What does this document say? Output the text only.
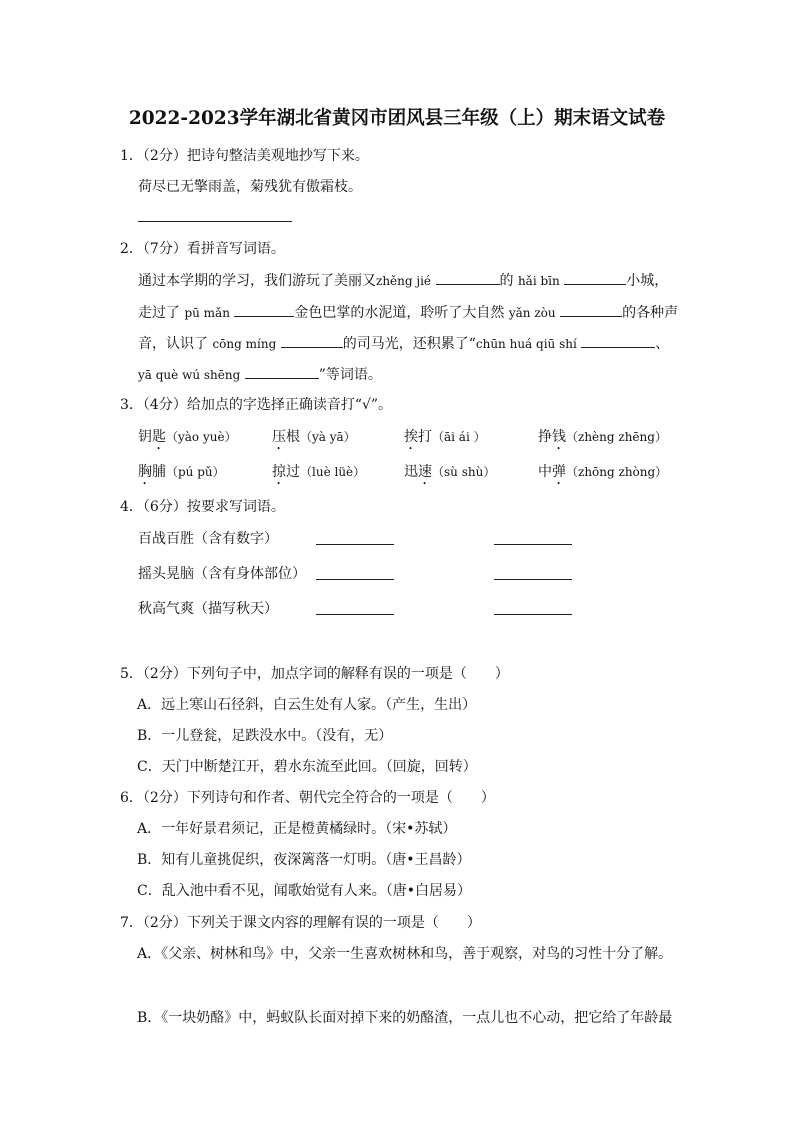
2022-2023学年湖北省黄冈市团风县三年级（上）期末语文试卷
1．（2分）把诗句整洁美观地抄写下来。
荷尽已无擎雨盖，菊残犹有傲霜枝。
2．（7分）看拼音写词语。
通过本学期的学习，我们游玩了美丽又zhěng jié	的 hǎi bīn	小城，
走过了 pū mǎn	金色巴掌的水泥道，聆听了大自然 yǎn zòu	的各种声
音，认识了 cōng míng	的司马光，还积累了“chūn huá qiū shí	、
yā què wú shēng	”等词语。
3．（4分）给加点的字选择正确读音打“√”。
钥匙（yào yuè）	压根（yà yā）	挨打（āi ái ）	挣钱（zhèng zhēng）
胸脯（pú pǔ）	掠过（luè lüè）	迅速（sù shù）	中弹（zhōng zhòng）
4．（6分）按要求写词语。
百战百胜（含有数字）
摇头晃脑（含有身体部位）
秋高气爽（描写秋天）
5．（2分）下列句子中，加点字词的解释有误的一项是（　　）
A．远上寒山石径斜，白云生处有人家。（产生，生出）
B．一儿登瓮，足跌没水中。（没有，无）
C．天门中断楚江开，碧水东流至此回。（回旋，回转）
6．（2分）下列诗句和作者、朝代完全符合的一项是（　　）
A．一年好景君须记，正是橙黄橘绿时。（宋•苏轼）
B．知有儿童挑促织，夜深篱落一灯明。（唐•王昌龄）
C．乱入池中看不见，闻歌始觉有人来。（唐•白居易）
7．（2分）下列关于课文内容的理解有误的一项是（　　）
A．《父亲、树林和鸟》中，父亲一生喜欢树林和鸟，善于观察，对鸟的习性十分了解。
B．《一块奶酪》中，蚂蚁队长面对掉下来的奶酪渣，一点儿也不心动，把它给了年龄最
